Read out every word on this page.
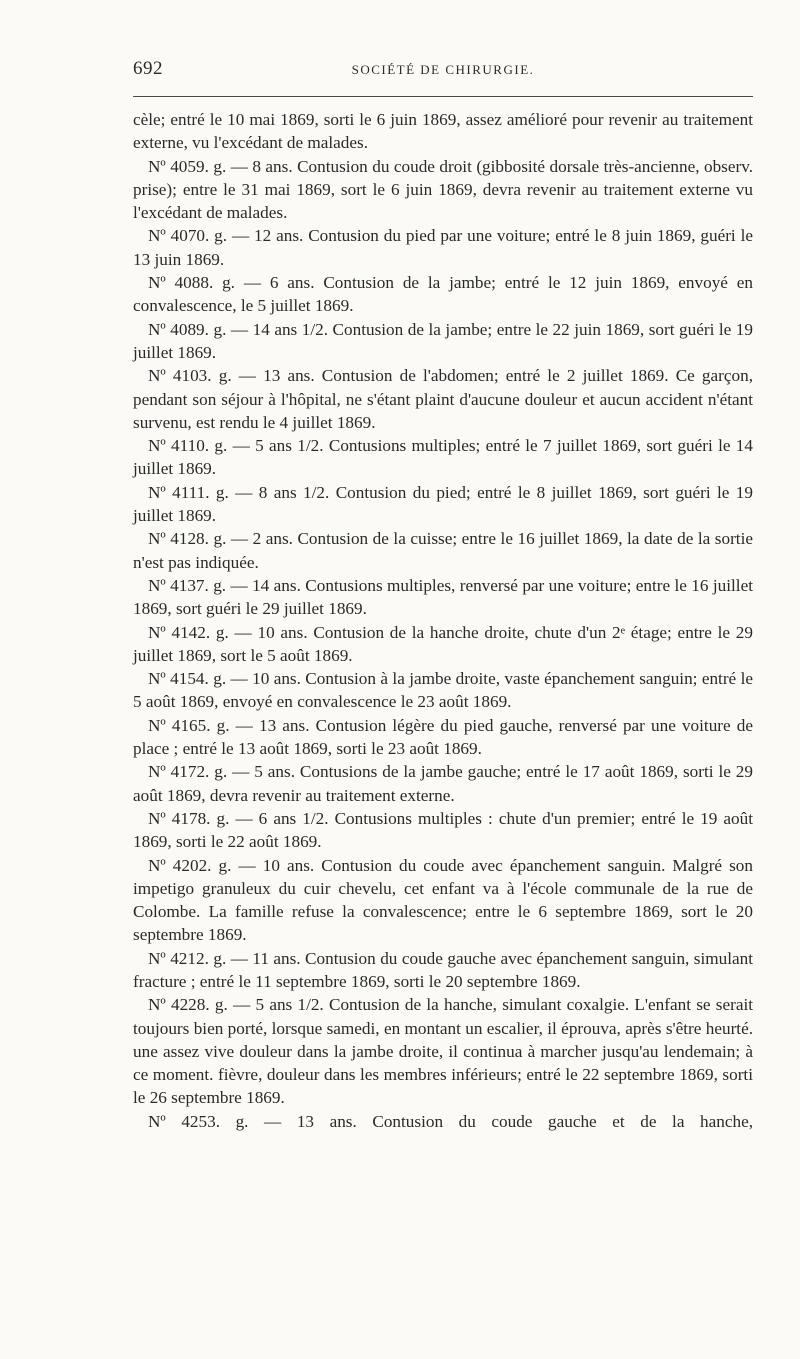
692	SOCIÉTÉ DE CHIRURGIE.

cèle; entré le 10 mai 1869, sorti le 6 juin 1869, assez amélioré pour revenir au traitement externe, vu l'excédant de malades.

Nº 4059. g. — 8 ans. Contusion du coude droit (gibbosité dorsale très-ancienne, observ. prise); entre le 31 mai 1869, sort le 6 juin 1869, devra revenir au traitement externe vu l'excédant de malades.

Nº 4070. g. — 12 ans. Contusion du pied par une voiture; entré le 8 juin 1869, guéri le 13 juin 1869.

Nº 4088. g. — 6 ans. Contusion de la jambe; entré le 12 juin 1869, envoyé en convalescence, le 5 juillet 1869.

Nº 4089. g. — 14 ans 1/2. Contusion de la jambe; entre le 22 juin 1869, sort guéri le 19 juillet 1869.

Nº 4103. g. — 13 ans. Contusion de l'abdomen; entré le 2 juillet 1869. Ce garçon, pendant son séjour à l'hôpital, ne s'étant plaint d'aucune douleur et aucun accident n'étant survenu, est rendu le 4 juillet 1869.

Nº 4110. g. — 5 ans 1/2. Contusions multiples; entré le 7 juillet 1869, sort guéri le 14 juillet 1869.

Nº 4111. g. — 8 ans 1/2. Contusion du pied; entré le 8 juillet 1869, sort guéri le 19 juillet 1869.

Nº 4128. g. — 2 ans. Contusion de la cuisse; entre le 16 juillet 1869, la date de la sortie n'est pas indiquée.

Nº 4137. g. — 14 ans. Contusions multiples, renversé par une voiture; entre le 16 juillet 1869, sort guéri le 29 juillet 1869.

Nº 4142. g. — 10 ans. Contusion de la hanche droite, chute d'un 2ᵉ étage; entre le 29 juillet 1869, sort le 5 août 1869.

Nº 4154. g. — 10 ans. Contusion à la jambe droite, vaste épanchement sanguin; entré le 5 août 1869, envoyé en convalescence le 23 août 1869.

Nº 4165. g. — 13 ans. Contusion légère du pied gauche, renversé par une voiture de place ; entré le 13 août 1869, sorti le 23 août 1869.

Nº 4172. g. — 5 ans. Contusions de la jambe gauche; entré le 17 août 1869, sorti le 29 août 1869, devra revenir au traitement externe.

Nº 4178. g. — 6 ans 1/2. Contusions multiples : chute d'un premier; entré le 19 août 1869, sorti le 22 août 1869.

Nº 4202. g. — 10 ans. Contusion du coude avec épanchement sanguin. Malgré son impetigo granuleux du cuir chevelu, cet enfant va à l'école communale de la rue de Colombe. La famille refuse la convalescence; entre le 6 septembre 1869, sort le 20 septembre 1869.

Nº 4212. g. — 11 ans. Contusion du coude gauche avec épanchement sanguin, simulant fracture ; entré le 11 septembre 1869, sorti le 20 septembre 1869.

Nº 4228. g. — 5 ans 1/2. Contusion de la hanche, simulant coxalgie. L'enfant se serait toujours bien porté, lorsque samedi, en montant un escalier, il éprouva, après s'être heurté. une assez vive douleur dans la jambe droite, il continua à marcher jusqu'au lendemain; à ce moment. fièvre, douleur dans les membres inférieurs; entré le 22 septembre 1869, sorti le 26 septembre 1869.

Nº 4253. g. — 13 ans. Contusion du coude gauche et de la hanche,
